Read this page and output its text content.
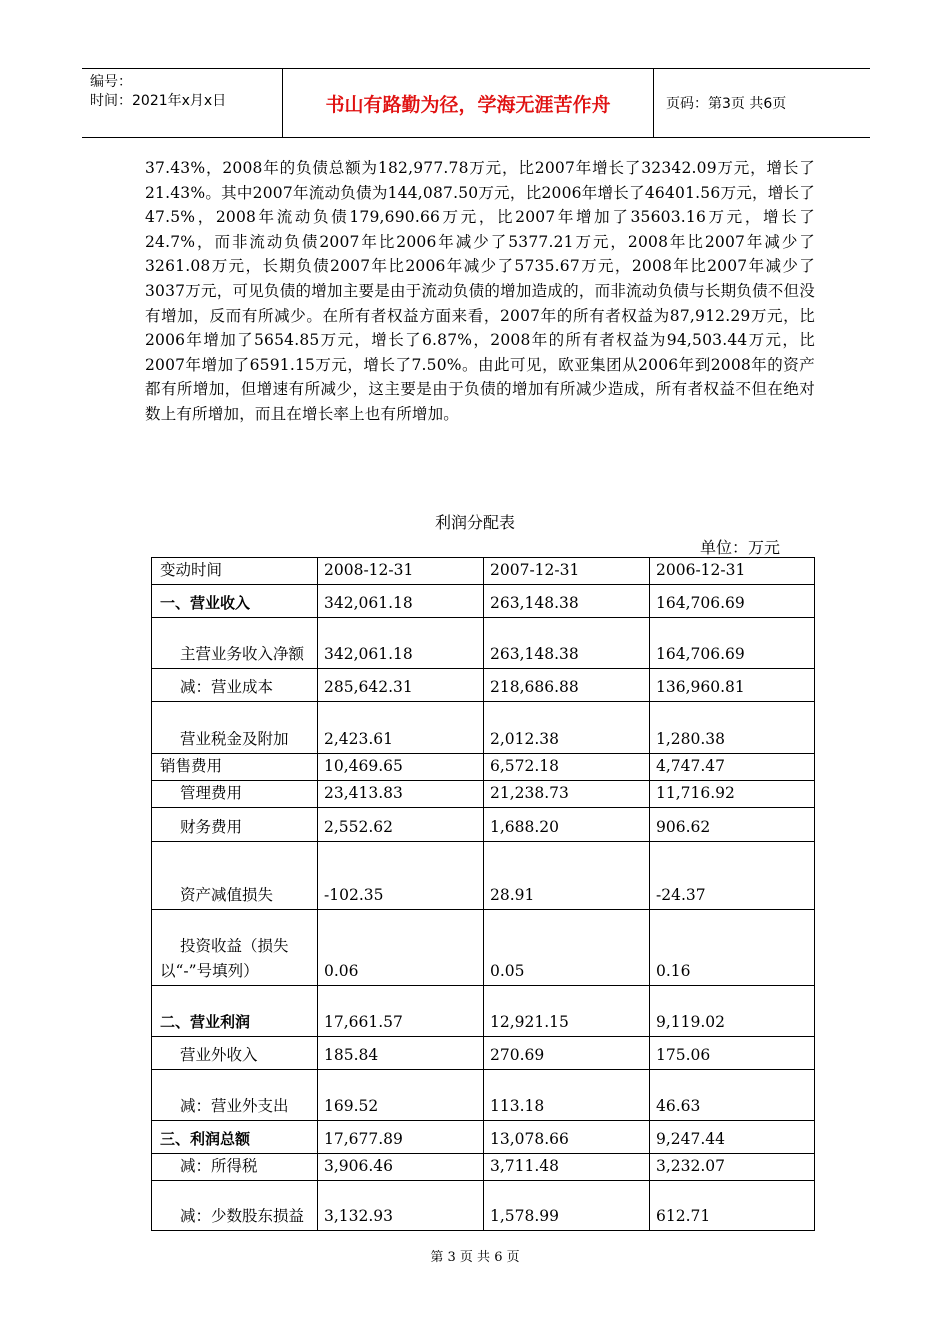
编号：
时间：2021年x月x日	书山有路勤为径，学海无涯苦作舟	页码：第3页 共6页
37.43%，2008年的负债总额为182,977.78万元，比2007年增长了32342.09万元，增长了21.43%。其中2007年流动负债为144,087.50万元，比2006年增长了46401.56万元，增长了47.5%，2008年流动负债179,690.66万元，比2007年增加了35603.16万元，增长了24.7%，而非流动负债2007年比2006年减少了5377.21万元，2008年比2007年减少了3261.08万元，长期负债2007年比2006年减少了5735.67万元，2008年比2007年减少了3037万元，可见负债的增加主要是由于流动负债的增加造成的，而非流动负债与长期负债不但没有增加，反而有所减少。在所有者权益方面来看，2007年的所有者权益为87,912.29万元，比2006年增加了5654.85万元，增长了6.87%，2008年的所有者权益为94,503.44万元，比2007年增加了6591.15万元，增长了7.50%。由此可见，欧亚集团从2006年到2008年的资产都有所增加，但增速有所减少，这主要是由于负债的增加有所减少造成，所有者权益不但在绝对数上有所增加，而且在增长率上也有所增加。
利润分配表
单位：万元
变动时间	2008-12-31	2007-12-31	2006-12-31
一、营业收入	342,061.18	263,148.38	164,706.69

主营业务收入净额	342,061.18	263,148.38	164,706.69
减：营业成本	285,642.31	218,686.88	136,960.81

营业税金及附加	2,423.61	2,012.38	1,280.38
销售费用	10,469.65	6,572.18	4,747.47
管理费用	23,413.83	21,238.73	11,716.92
财务费用	2,552.62	1,688.20	906.62
资产减值损失	-102.35	28.91	-24.37

投资收益（损失以“-”号填列）	0.06	0.05	0.16
二、营业利润	17,661.57	12,921.15	9,119.02
营业外收入	185.84	270.69	175.06

减：营业外支出	169.52	113.18	46.63
三、利润总额	17,677.89	13,078.66	9,247.44
减：所得税	3,906.46	3,711.48	3,232.07

减：少数股东损益	3,132.93	1,578.99	612.71
第 3 页 共 6 页
